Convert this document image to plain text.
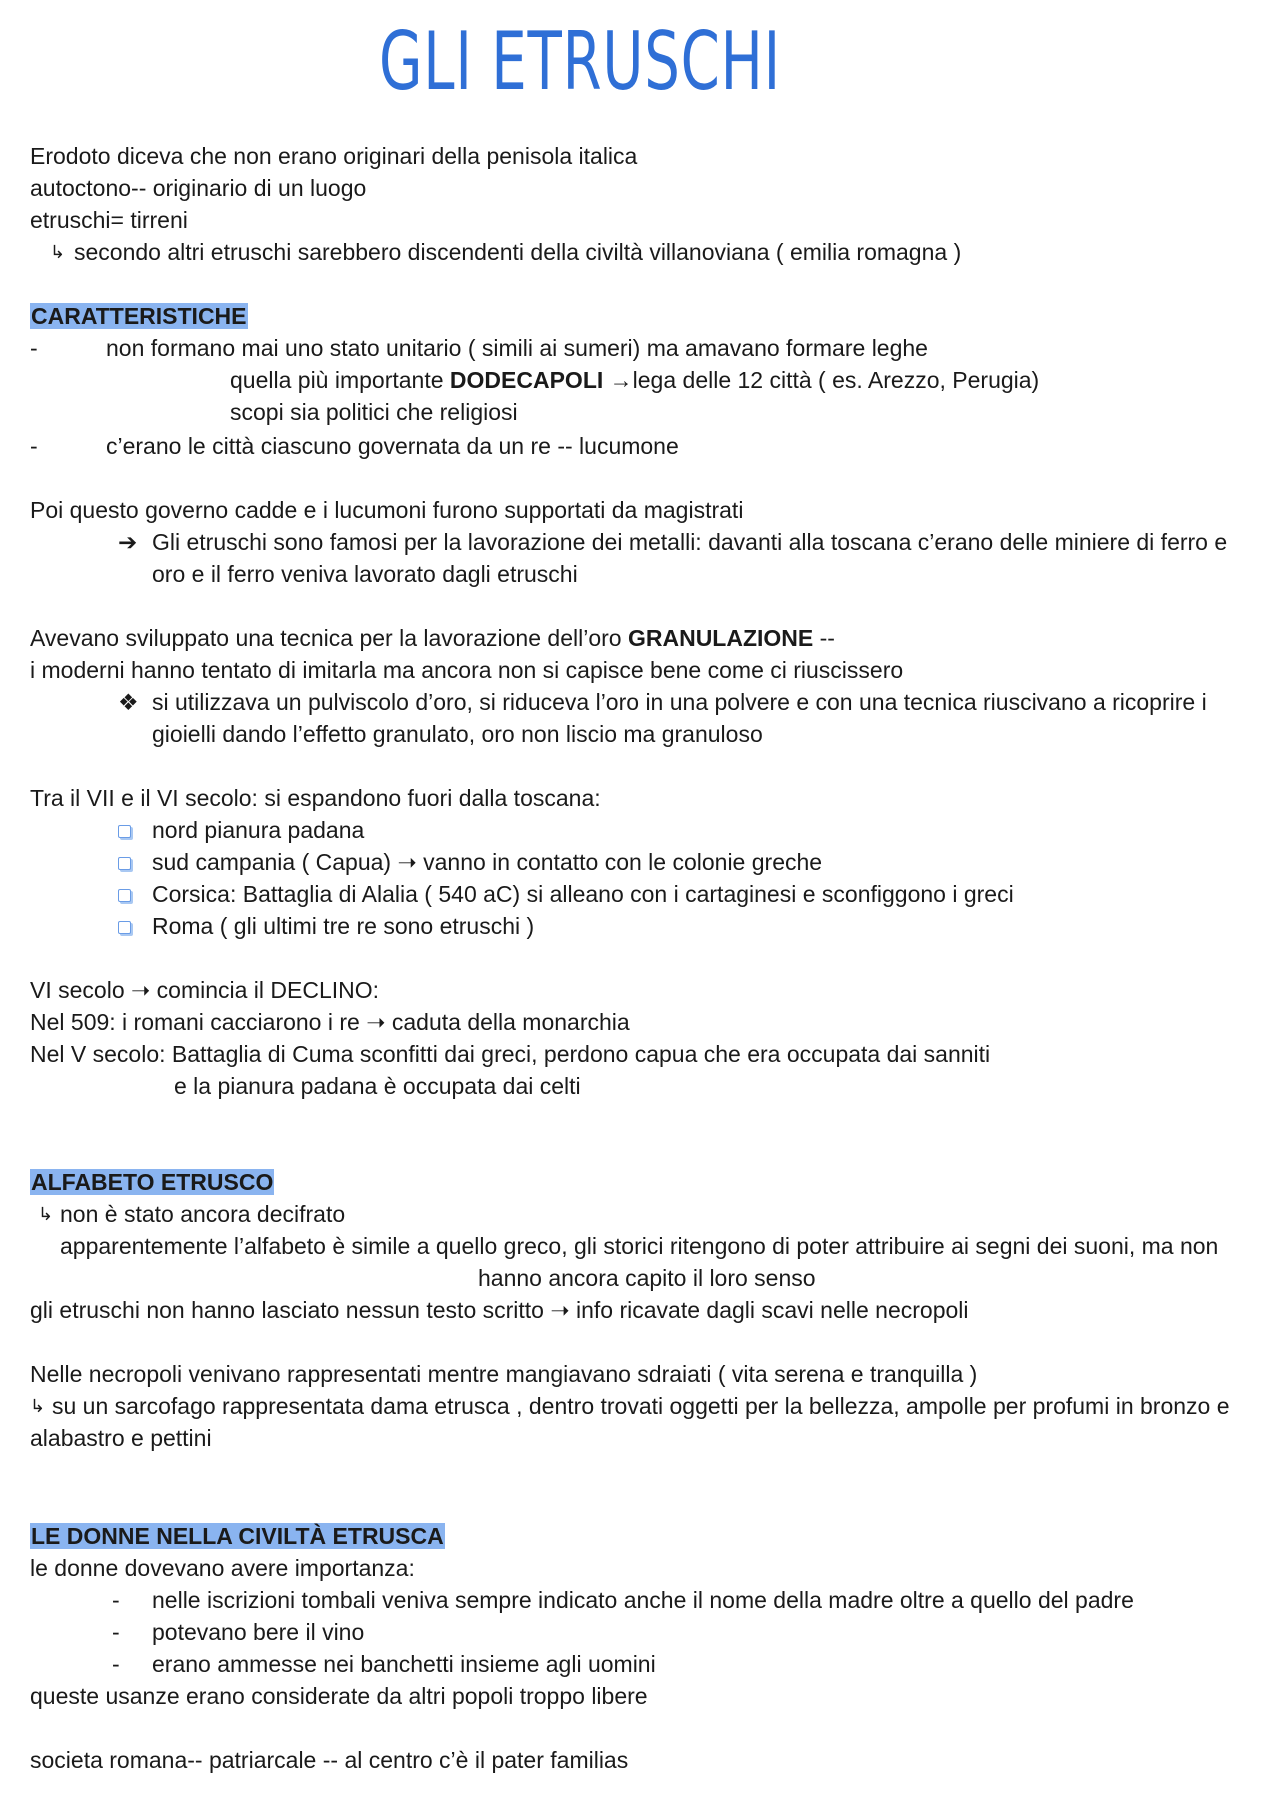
GLI ETRUSCHI
Erodoto diceva che non erano originari della penisola italica
autoctono-- originario di un luogo
etruschi= tirreni
↳ secondo altri etruschi sarebbero discendenti della civiltà villanoviana ( emilia romagna )
CARATTERISTICHE
-	non formano mai uno stato unitario ( simili ai sumeri) ma amavano formare leghe
quella più importante DODECAPOLI →lega delle 12 città ( es. Arezzo, Perugia)
scopi sia politici che religiosi
-	c’erano le città ciascuno governata da un re -- lucumone
Poi questo governo cadde e i lucumoni furono supportati da magistrati
➔ Gli etruschi sono famosi per la lavorazione dei metalli: davanti alla toscana c’erano delle miniere di ferro e
oro e il ferro veniva lavorato dagli etruschi
Avevano sviluppato una tecnica per la lavorazione dell’oro GRANULAZIONE --
i moderni hanno tentato di imitarla ma ancora non si capisce bene come ci riuscissero
❖ si utilizzava un pulviscolo d’oro, si riduceva l’oro in una polvere e con una tecnica riuscivano a ricoprire i
gioielli dando l’effetto granulato, oro non liscio ma granuloso
Tra il VII e il VI secolo: si espandono fuori dalla toscana:
nord pianura padana
sud campania ( Capua) ➝ vanno in contatto con le colonie greche
Corsica: Battaglia di Alalia ( 540 aC) si alleano con i cartaginesi e sconfiggono i greci
Roma ( gli ultimi tre re sono etruschi )
VI secolo ➝ comincia il DECLINO:
Nel 509: i romani cacciarono i re ➝ caduta della monarchia
Nel V secolo: Battaglia di Cuma sconfitti dai greci, perdono capua che era occupata dai sanniti
e la pianura padana è occupata dai celti
ALFABETO ETRUSCO
↳ non è stato ancora decifrato
apparentemente l’alfabeto è simile a quello greco, gli storici ritengono di poter attribuire ai segni dei suoni, ma non
hanno ancora capito il loro senso
gli etruschi non hanno lasciato nessun testo scritto ➝ info ricavate dagli scavi nelle necropoli
Nelle necropoli venivano rappresentati mentre mangiavano sdraiati ( vita serena e tranquilla )
↳ su un sarcofago rappresentata dama etrusca , dentro trovati oggetti per la bellezza, ampolle per profumi in bronzo e
alabastro e pettini
LE DONNE NELLA CIVILTÀ ETRUSCA
le donne dovevano avere importanza:
- nelle iscrizioni tombali veniva sempre indicato anche il nome della madre oltre a quello del padre
- potevano bere il vino
- erano ammesse nei banchetti insieme agli uomini
queste usanze erano considerate da altri popoli troppo libere
societa romana-- patriarcale -- al centro c’è il pater familias
